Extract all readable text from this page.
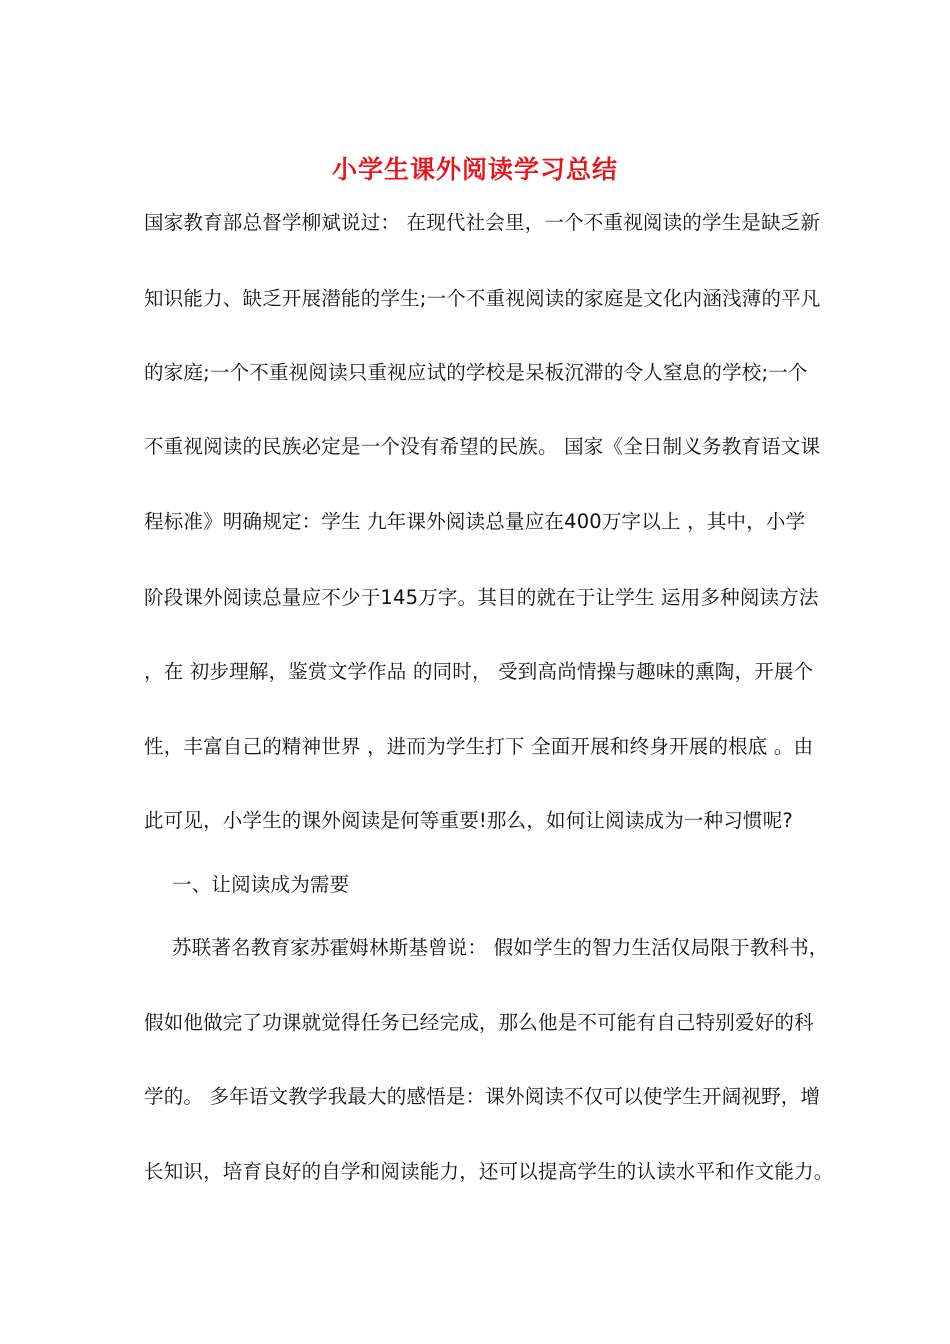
小学生课外阅读学习总结
国家教育部总督学柳斌说过： 在现代社会里，一个不重视阅读的学生是缺乏新
知识能力、缺乏开展潜能的学生;一个不重视阅读的家庭是文化内涵浅薄的平凡
的家庭;一个不重视阅读只重视应试的学校是呆板沉滞的令人窒息的学校;一个
不重视阅读的民族必定是一个没有希望的民族。 国家《全日制义务教育语文课
程标准》明确规定：学生 九年课外阅读总量应在400万字以上 ，其中，小学
阶段课外阅读总量应不少于145万字。其目的就在于让学生 运用多种阅读方法
，在 初步理解，鉴赏文学作品 的同时， 受到高尚情操与趣味的熏陶，开展个
性，丰富自己的精神世界 ，进而为学生打下 全面开展和终身开展的根底 。由
此可见，小学生的课外阅读是何等重要!那么，如何让阅读成为一种习惯呢?
一、让阅读成为需要
苏联著名教育家苏霍姆林斯基曾说： 假如学生的智力生活仅局限于教科书，
假如他做完了功课就觉得任务已经完成，那么他是不可能有自己特别爱好的科
学的。 多年语文教学我最大的感悟是：课外阅读不仅可以使学生开阔视野，增
长知识，培育良好的自学和阅读能力，还可以提高学生的认读水平和作文能力。
